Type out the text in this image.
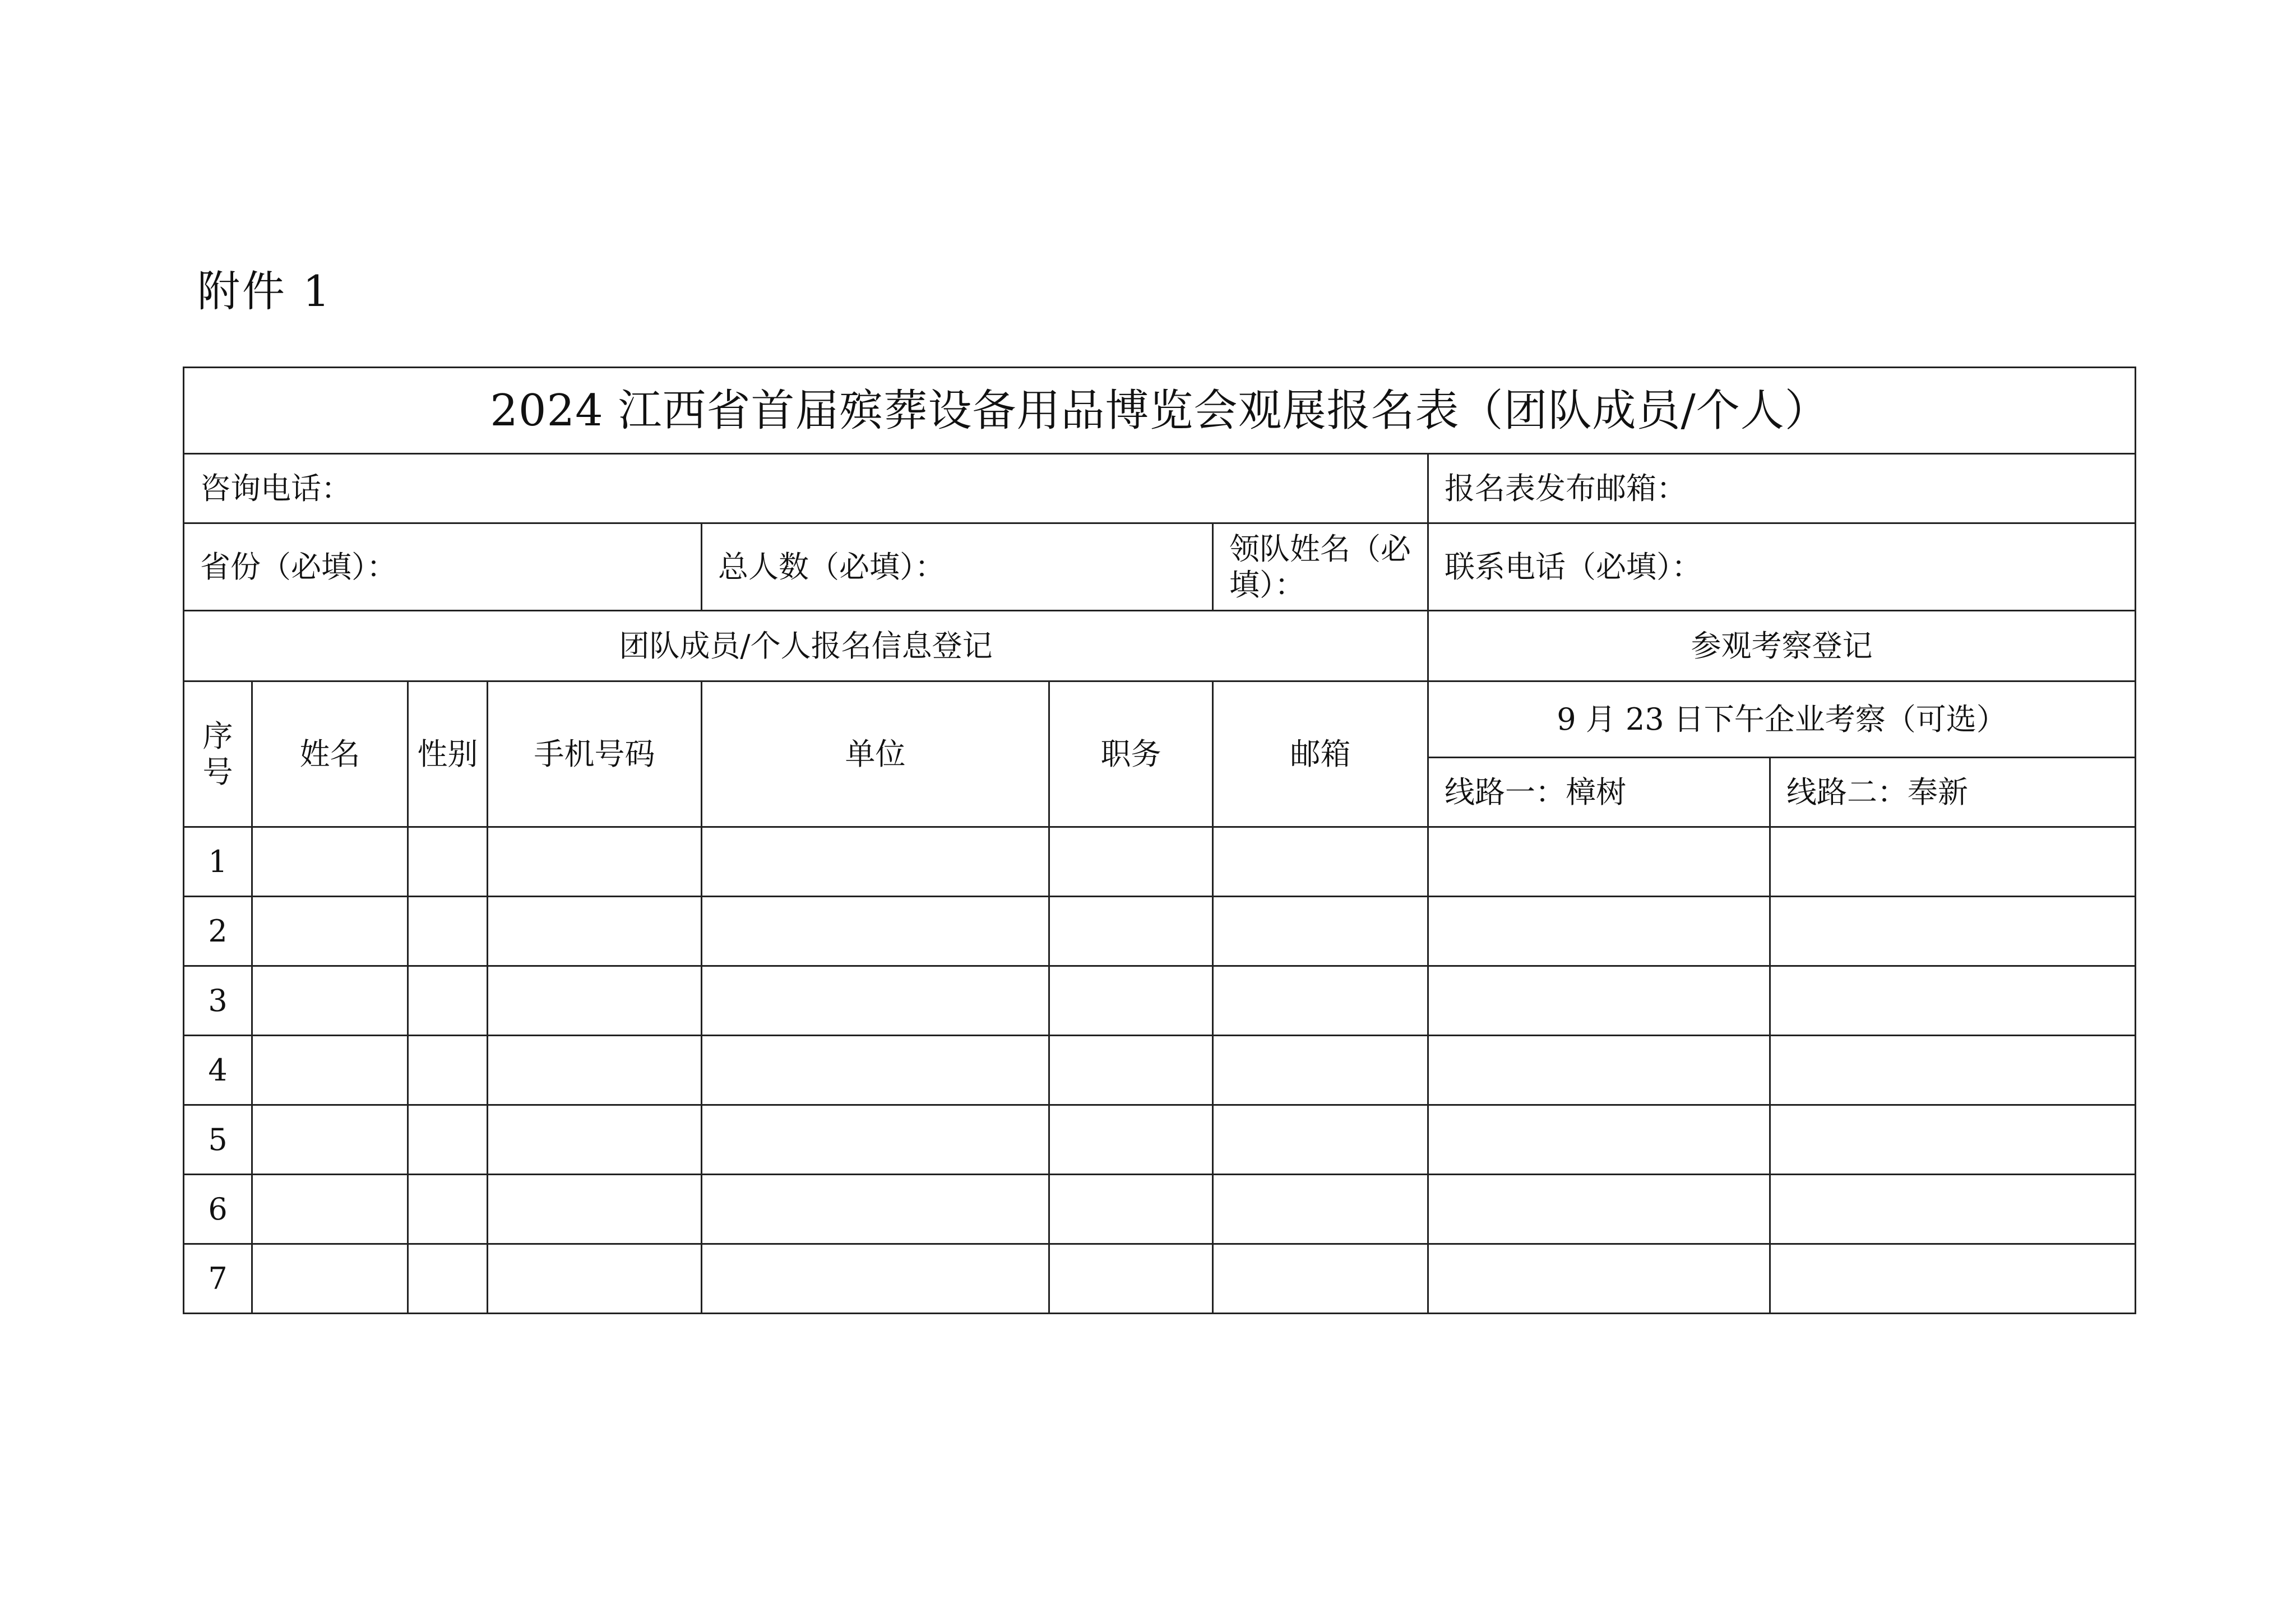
附件 1
2024 江西省首届殡葬设备用品博览会观展报名表（团队成员/个人）								
咨询电话：							报名表发布邮箱：	
省份（必填）：				总人数（必填）：		领队姓名（必填）：	联系电话（必填）：	
团队成员/个人报名信息登记							参观考察登记	
序号	姓名	性别	手机号码	单位	职务	邮箱	9 月 23 日下午企业考察（可选）	
							线路一：樟树	线路二：奉新
1								
2								
3								
4								
5								
6								
7								
